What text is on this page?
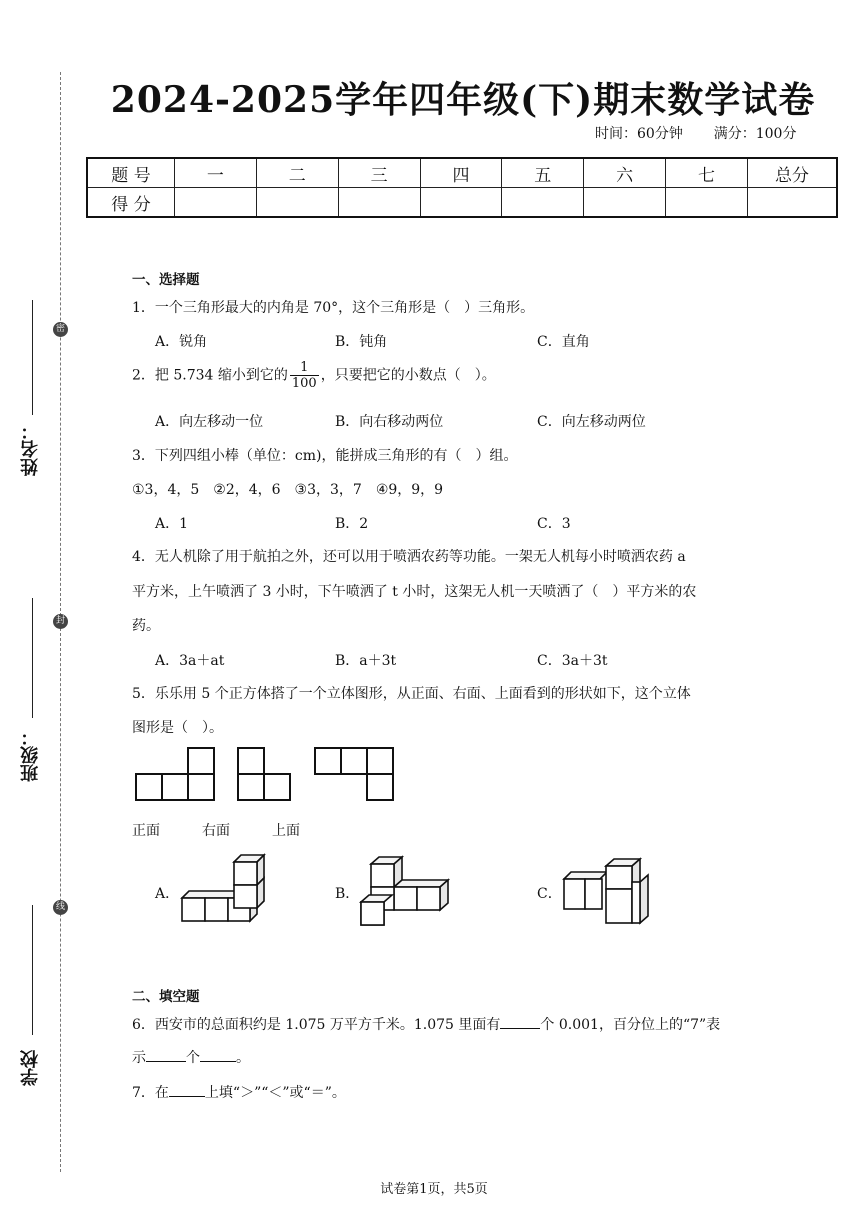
密
封
线
姓名：
班级：
学校
2024-2025学年四年级(下)期末数学试卷
时间：60分钟 满分：100分
题 号	一	二	三	四	五	六	七	总分
得 分								
一、选择题
1．一个三角形最大的内角是 70°，这个三角形是（　）三角形。
A．锐角	B．钝角	C．直角
2．把 5.734 缩小到它的 $\frac{1}{100}$ ，只要把它的小数点（　）。
A．向左移动一位	B．向右移动两位	C．向左移动两位
3．下列四组小棒（单位：cm)，能拼成三角形的有（　）组。
①3，4，5　②2，4，6　③3，3，7　④9，9，9
A．1	B．2	C．3
4．无人机除了用于航拍之外，还可以用于喷洒农药等功能。一架无人机每小时喷洒农药 a
平方米，上午喷洒了 3 小时，下午喷洒了 t 小时，这架无人机一天喷洒了（　）平方米的农
药。
A．3a＋at	B．a＋3t	C．3a＋3t
5．乐乐用 5 个正方体搭了一个立体图形，从正面、右面、上面看到的形状如下，这个立体
图形是（　）。
正面	右面	上面
A．	B．	C．
二、填空题
6．西安市的总面积约是 1.075 万平方千米。1.075 里面有	个 0.001，百分位上的“7”表
示	个	。
7．在	上填“＞”“＜”或“＝”。
试卷第1页，共5页
